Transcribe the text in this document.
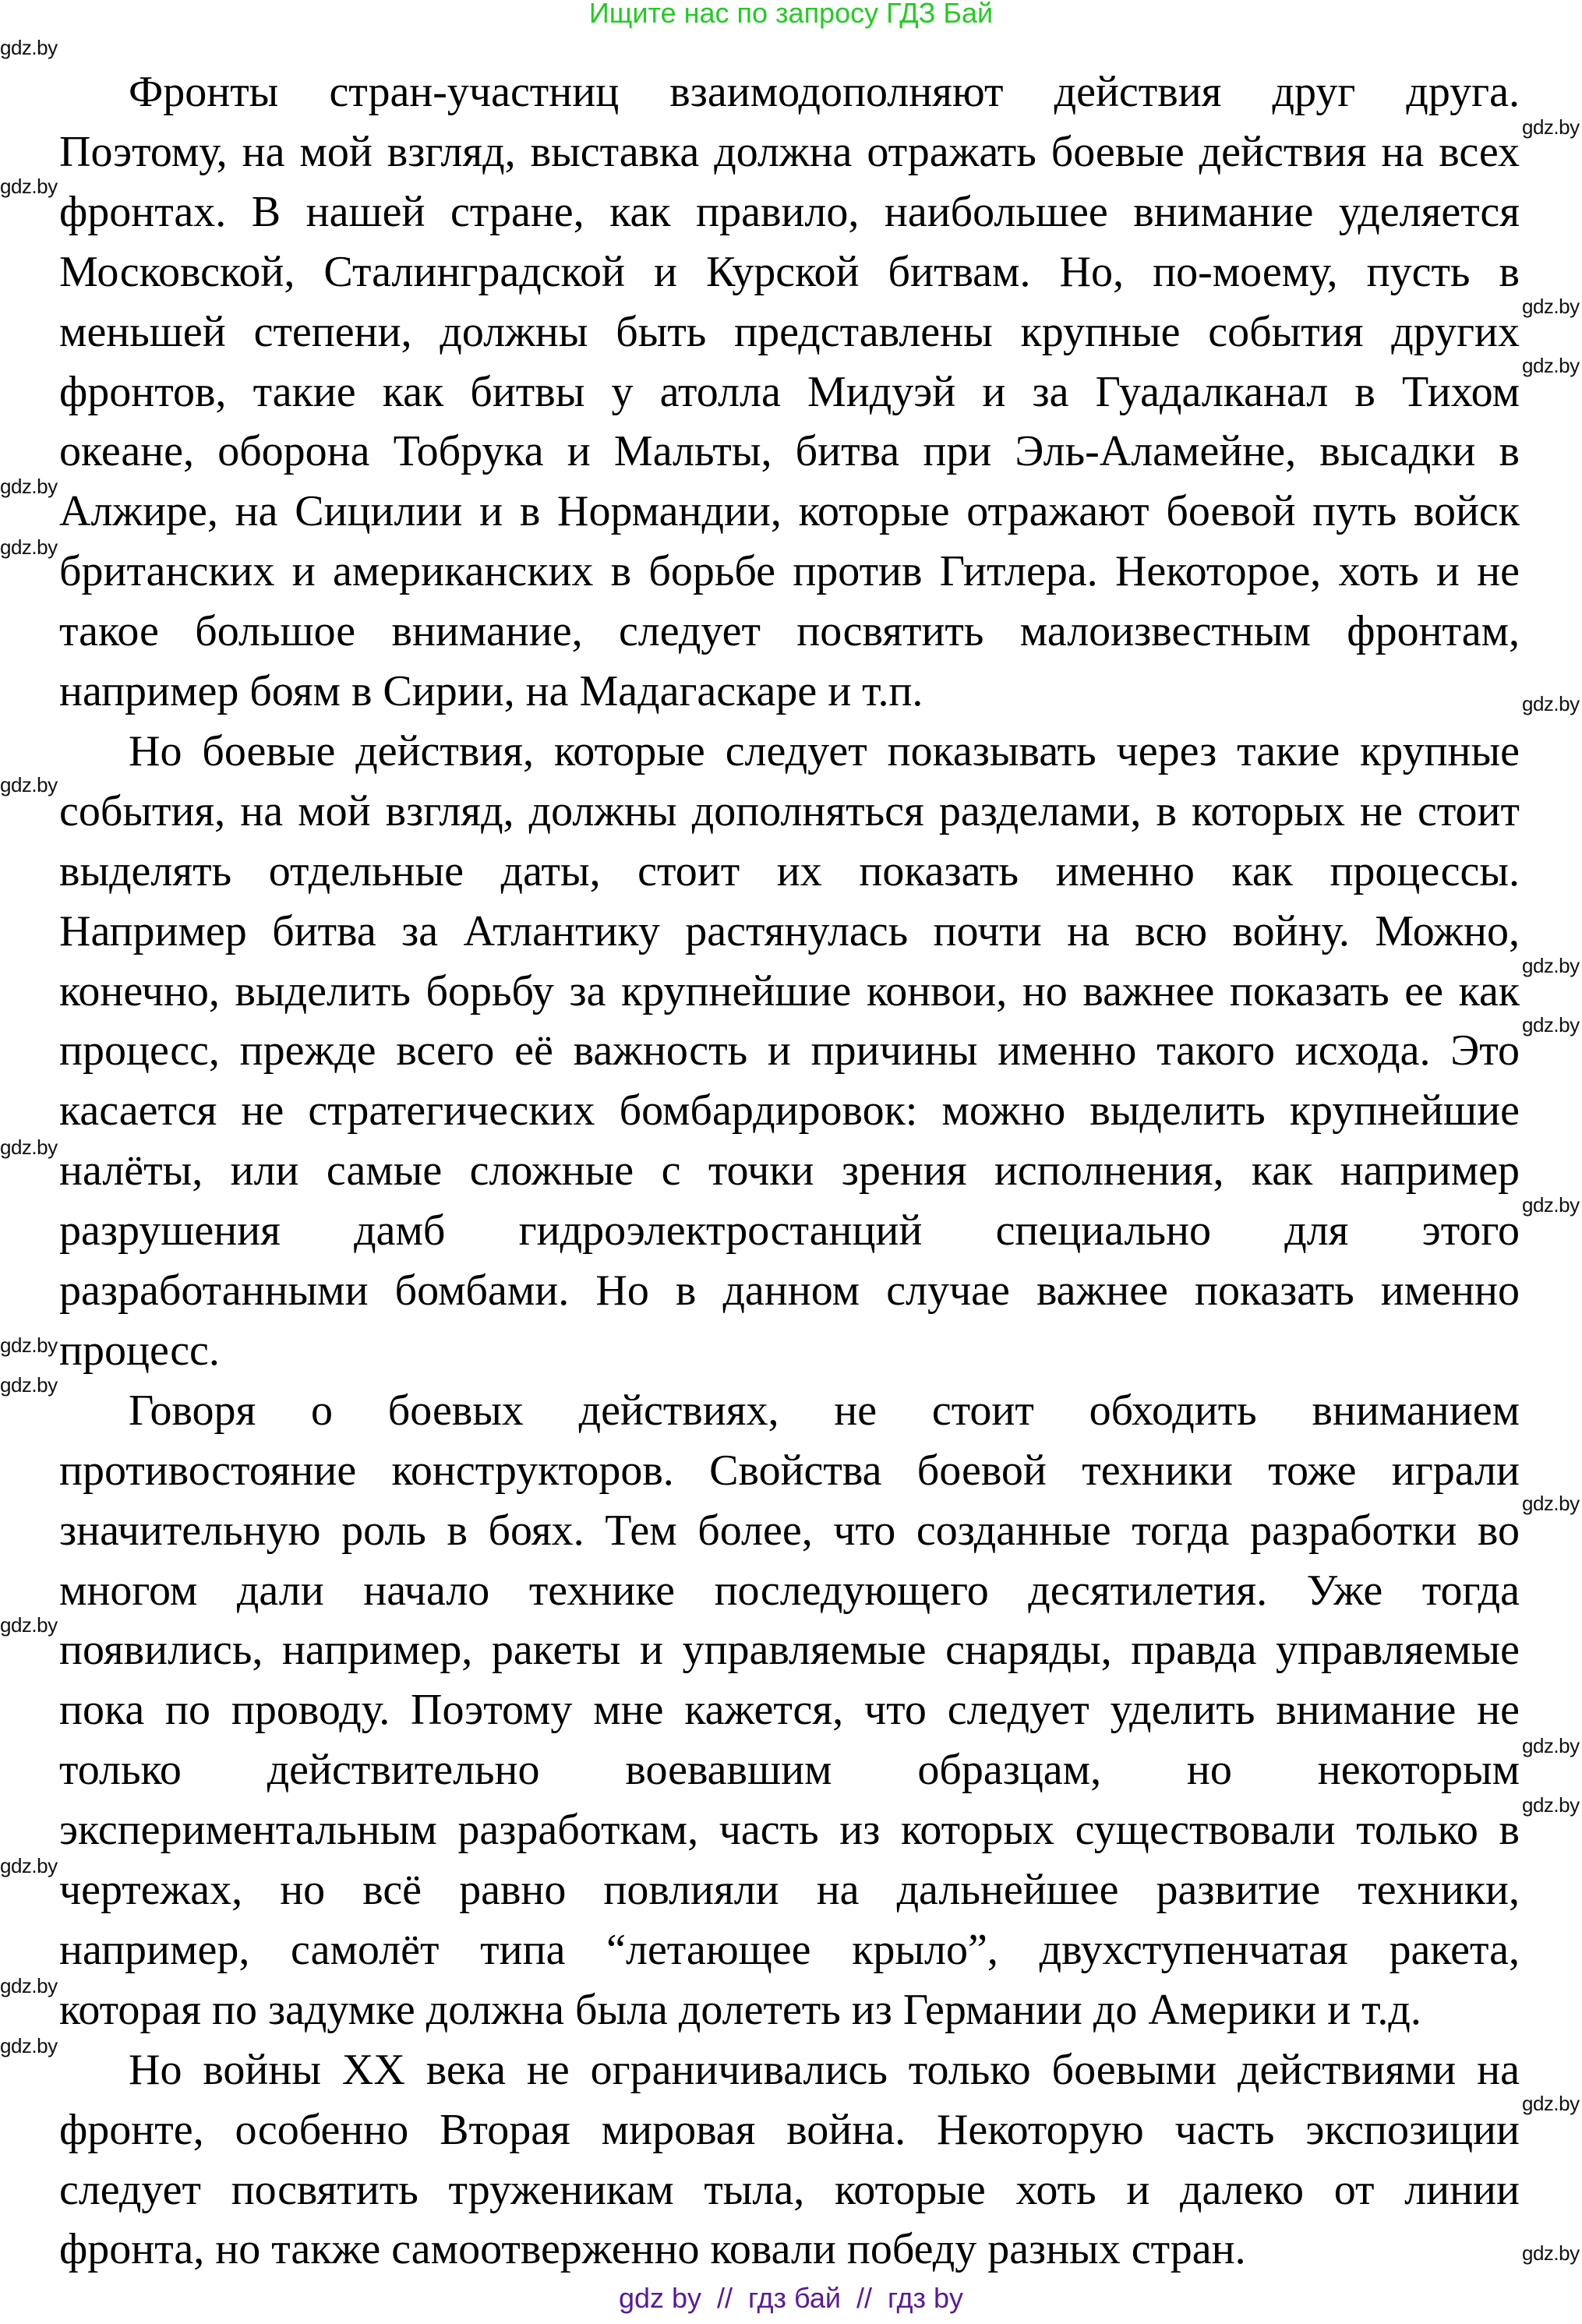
Ищите нас по запросу ГДЗ Бай
Фронты стран-участниц взаимодополняют действия друг друга.
Поэтому, на мой взгляд, выставка должна отражать боевые действия на всех
фронтах. В нашей стране, как правило, наибольшее внимание уделяется
Московской, Сталинградской и Курской битвам. Но, по-моему, пусть в
меньшей степени, должны быть представлены крупные события других
фронтов, такие как битвы у атолла Мидуэй и за Гуадалканал в Тихом
океане, оборона Тобрука и Мальты, битва при Эль-Аламейне, высадки в
Алжире, на Сицилии и в Нормандии, которые отражают боевой путь войск
британских и американских в борьбе против Гитлера. Некоторое, хоть и не
такое большое внимание, следует посвятить малоизвестным фронтам,
например боям в Сирии, на Мадагаскаре и т.п.
Но боевые действия, которые следует показывать через такие крупные
события, на мой взгляд, должны дополняться разделами, в которых не стоит
выделять отдельные даты, стоит их показать именно как процессы.
Например битва за Атлантику растянулась почти на всю войну. Можно,
конечно, выделить борьбу за крупнейшие конвои, но важнее показать ее как
процесс, прежде всего её важность и причины именно такого исхода. Это
касается не стратегических бомбардировок: можно выделить крупнейшие
налёты, или самые сложные с точки зрения исполнения, как например
разрушения дамб гидроэлектростанций специально для этого
разработанными бомбами. Но в данном случае важнее показать именно
процесс.
Говоря о боевых действиях, не стоит обходить вниманием
противостояние конструкторов. Свойства боевой техники тоже играли
значительную роль в боях. Тем более, что созданные тогда разработки во
многом дали начало технике последующего десятилетия. Уже тогда
появились, например, ракеты и управляемые снаряды, правда управляемые
пока по проводу. Поэтому мне кажется, что следует уделить внимание не
только действительно воевавшим образцам, но некоторым
экспериментальным разработкам, часть из которых существовали только в
чертежах, но всё равно повлияли на дальнейшее развитие техники,
например, самолёт типа “летающее крыло”, двухступенчатая ракета,
которая по задумке должна была долететь из Германии до Америки и т.д.
Но войны XX века не ограничивались только боевыми действиями на
фронте, особенно Вторая мировая война. Некоторую часть экспозиции
следует посвятить труженикам тыла, которые хоть и далеко от линии
фронта, но также самоотверженно ковали победу разных стран.
gdz.by
gdz.by
gdz.by
gdz.by
gdz.by
gdz.by
gdz.by
gdz.by
gdz.by
gdz.by
gdz.by
gdz.by
gdz.by
gdz.by
gdz.by
gdz.by
gdz.by
gdz.by
gdz.by
gdz.by
gdz.by
gdz.by
gdz.by
gdz.by
gdz by  //  гдз бай  //  гдз by
